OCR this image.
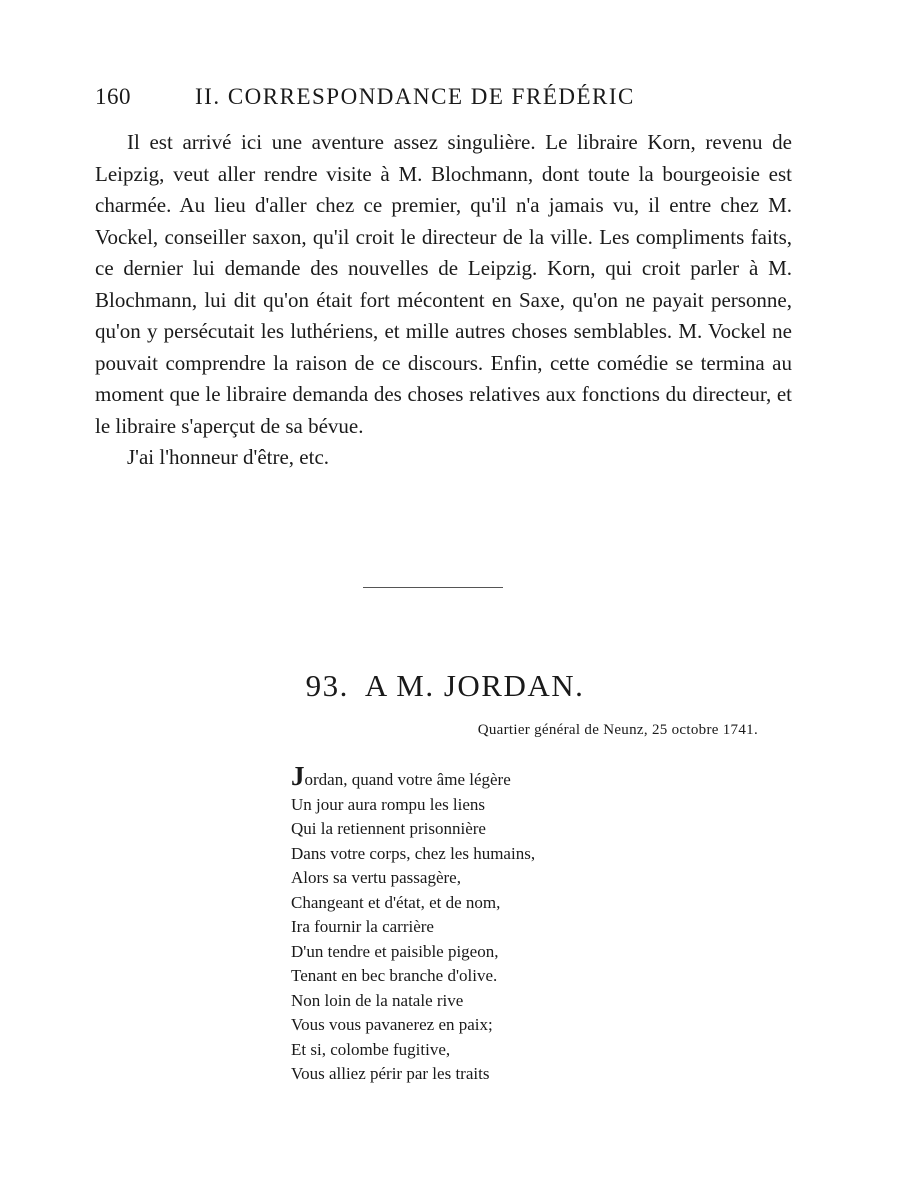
160	II. CORRESPONDANCE DE FRÉDÉRIC

Il est arrivé ici une aventure assez singulière. Le libraire Korn, revenu de Leipzig, veut aller rendre visite à M. Blochmann, dont toute la bourgeoisie est charmée. Au lieu d'aller chez ce premier, qu'il n'a jamais vu, il entre chez M. Vockel, conseiller saxon, qu'il croit le directeur de la ville. Les compliments faits, ce dernier lui demande des nouvelles de Leipzig. Korn, qui croit parler à M. Blochmann, lui dit qu'on était fort mécontent en Saxe, qu'on ne payait personne, qu'on y persécutait les luthériens, et mille autres choses semblables. M. Vockel ne pouvait comprendre la raison de ce discours. Enfin, cette comédie se termina au moment que le libraire demanda des choses relatives aux fonctions du directeur, et le libraire s'aperçut de sa bévue.

J'ai l'honneur d'être, etc.

93. A M. JORDAN.
Quartier général de Neunz, 25 octobre 1741.
Jordan, quand votre âme légère
Un jour aura rompu les liens
Qui la retiennent prisonnière
Dans votre corps, chez les humains,
Alors sa vertu passagère,
Changeant et d'état, et de nom,
Ira fournir la carrière
D'un tendre et paisible pigeon,
Tenant en bec branche d'olive.
Non loin de la natale rive
Vous vous pavanerez en paix;
Et si, colombe fugitive,
Vous alliez périr par les traits
